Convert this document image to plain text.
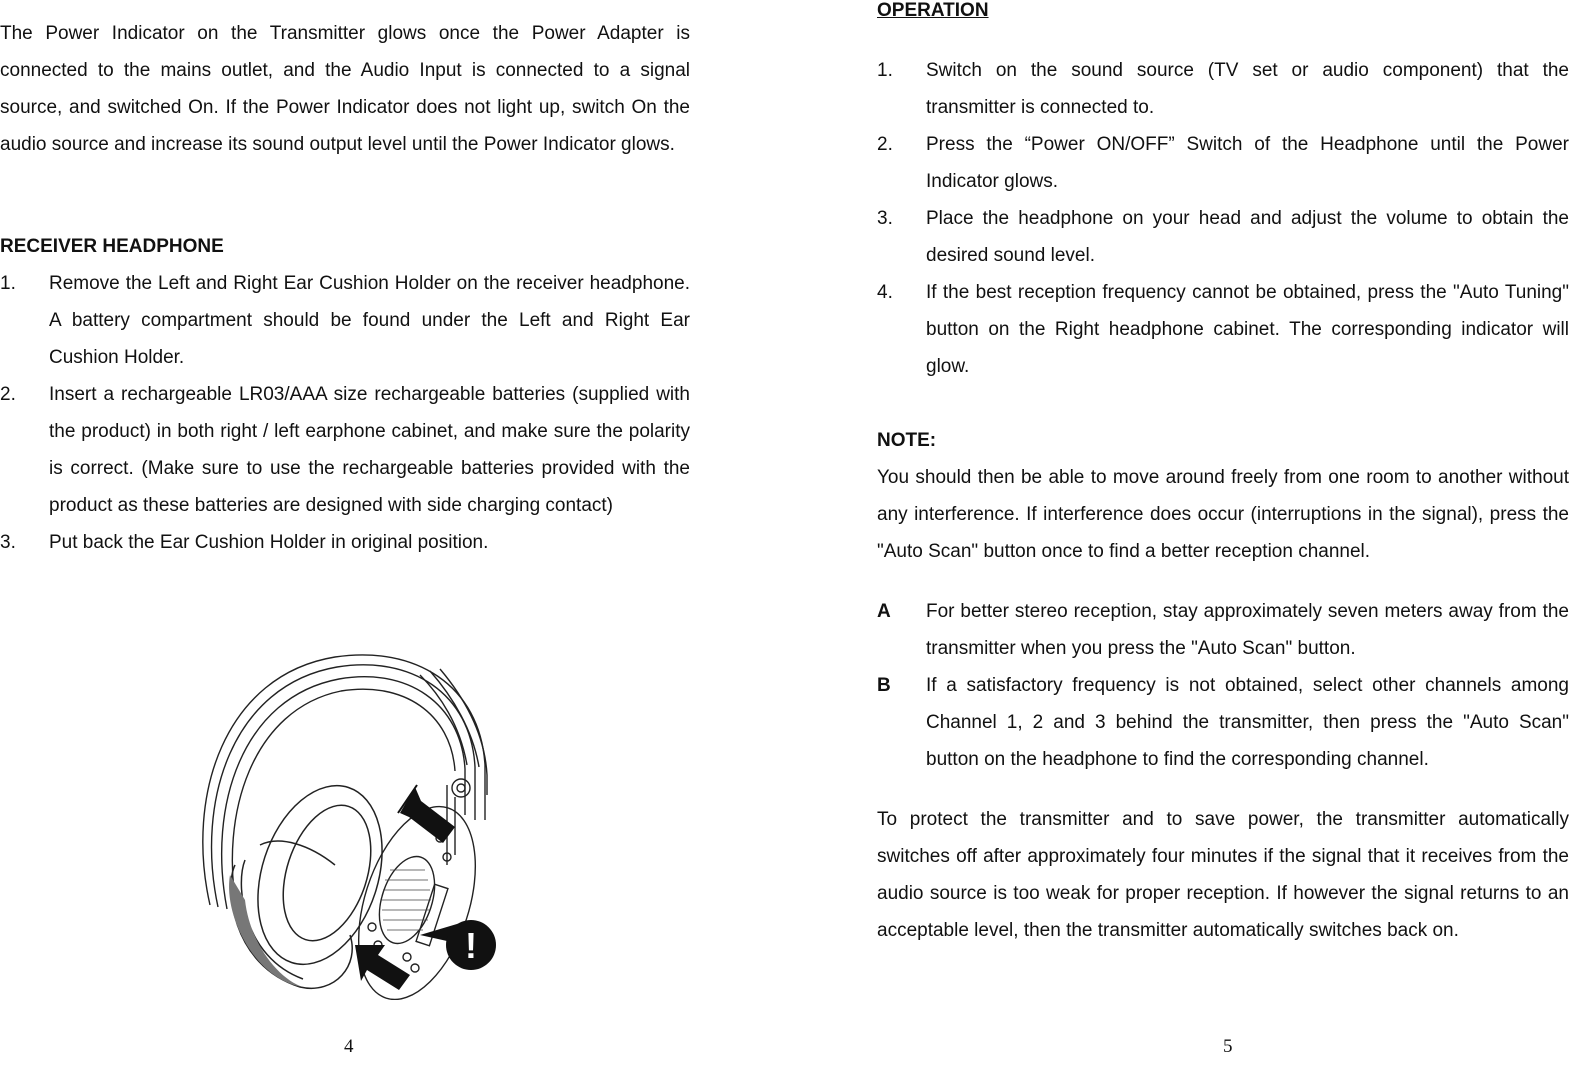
The Power Indicator on the Transmitter glows once the Power Adapter is connected to the mains outlet, and the Audio Input is connected to a signal source, and switched On. If the Power Indicator does not light up, switch On the audio source and increase its sound output level until the Power Indicator glows.

RECEIVER HEADPHONE
1. Remove the Left and Right Ear Cushion Holder on the receiver headphone. A battery compartment should be found under the Left and Right Ear Cushion Holder.
2. Insert a rechargeable LR03/AAA size rechargeable batteries (supplied with the product) in both right / left earphone cabinet, and make sure the polarity is correct. (Make sure to use the rechargeable batteries provided with the product as these batteries are designed with side charging contact)
3. Put back the Ear Cushion Holder in original position.
!
4
OPERATION
1. Switch on the sound source (TV set or audio component) that the transmitter is connected to.
2. Press the “Power ON/OFF” Switch of the Headphone until the Power Indicator glows.
3. Place the headphone on your head and adjust the volume to obtain the desired sound level.
4. If the best reception frequency cannot be obtained, press the "Auto Tuning" button on the Right headphone cabinet. The corresponding indicator will glow.
NOTE:

You should then be able to move around freely from one room to another without any interference. If interference does occur (interruptions in the signal), press the "Auto Scan" button once to find a better reception channel.

A For better stereo reception, stay approximately seven meters away from the transmitter when you press the "Auto Scan" button.
B If a satisfactory frequency is not obtained, select other channels among Channel 1, 2 and 3 behind the transmitter, then press the "Auto Scan" button on the headphone to find the corresponding channel.

To protect the transmitter and to save power, the transmitter automatically switches off after approximately four minutes if the signal that it receives from the audio source is too weak for proper reception. If however the signal returns to an acceptable level, then the transmitter automatically switches back on.

5
